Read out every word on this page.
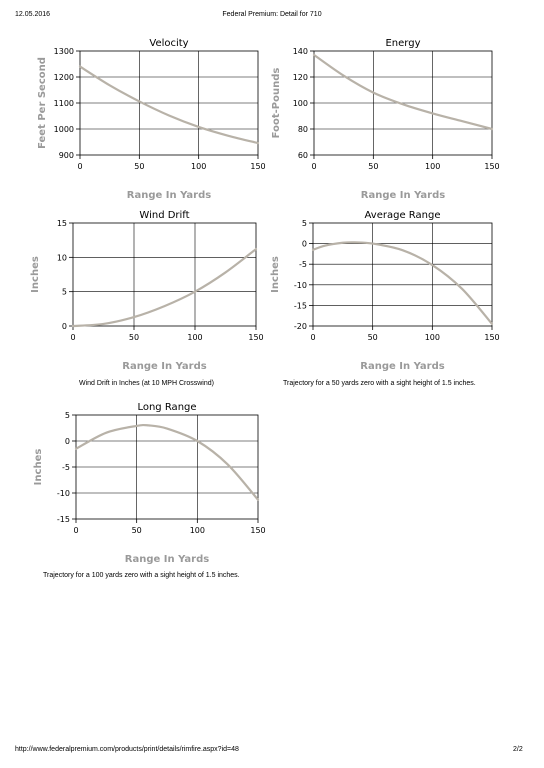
12.05.2016	Federal Premium: Detail for 710
900
1000
1100
1200
1300
0	50	100	150
Velocity
Range In Yards
Feet Per Second
60
80
100
120
140
0	50	100	150
Energy
Range In Yards
Foot-Pounds
0
5
10
15
0	50	100	150
Wind Drift
Range In Yards
Inches
-20
-15
-10
-5
0
5
0	50	100	150
Average Range
Range In Yards
Inches
-15
-10
-5
0
5
0	50	100	150
Long Range
Range In Yards
Inches
Wind Drift in Inches (at 10 MPH Crosswind)	Trajectory for a 50 yards zero with a sight height of 1.5 inches.
Trajectory for a 100 yards zero with a sight height of 1.5 inches.
http://www.federalpremium.com/products/print/details/rimfire.aspx?id=48	2/2
